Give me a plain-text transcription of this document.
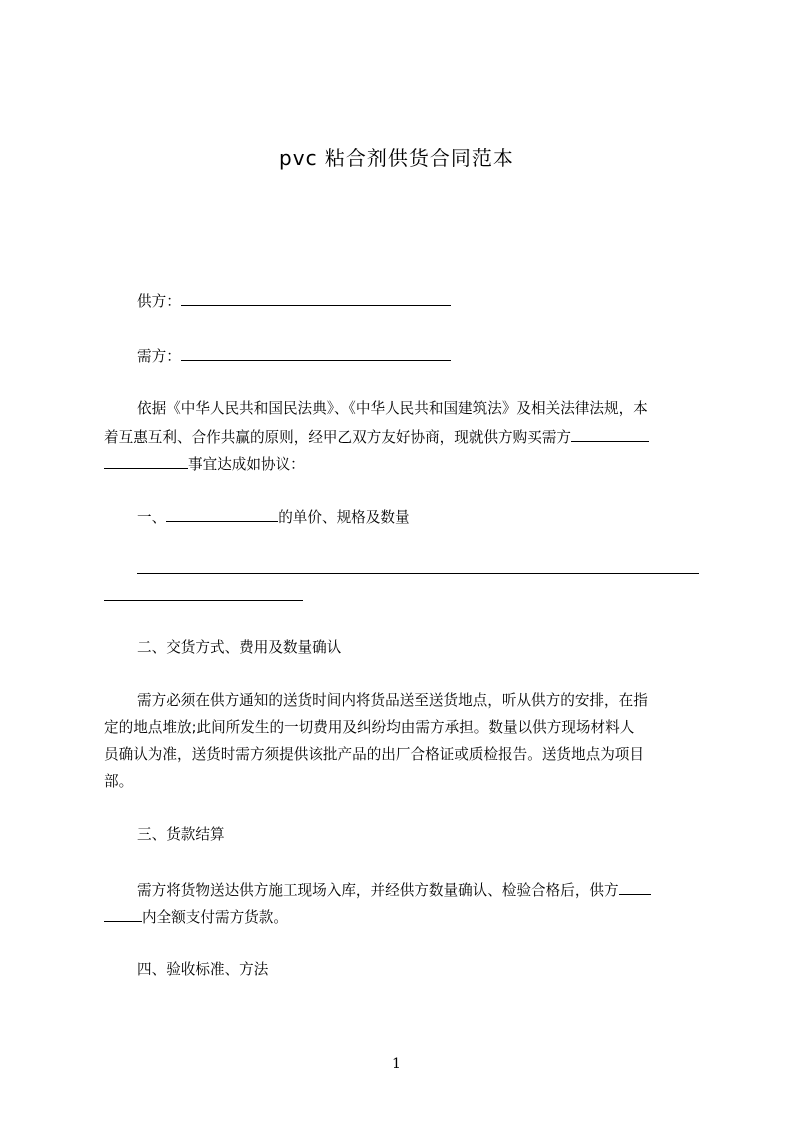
pvc 粘合剂供货合同范本
供方：
需方：
依据《中华人民共和国民法典》、《中华人民共和国建筑法》及相关法律法规，本
着互惠互利、合作共赢的原则，经甲乙双方友好协商，现就供方购买需方
事宜达成如协议：
一、	的单价、规格及数量
二、交货方式、费用及数量确认
需方必须在供方通知的送货时间内将货品送至送货地点，听从供方的安排，在指
定的地点堆放;此间所发生的一切费用及纠纷均由需方承担。数量以供方现场材料人
员确认为准，送货时需方须提供该批产品的出厂合格证或质检报告。送货地点为项目
部。
三、货款结算
需方将货物送达供方施工现场入库，并经供方数量确认、检验合格后，供方
内全额支付需方货款。
四、验收标准、方法
1
